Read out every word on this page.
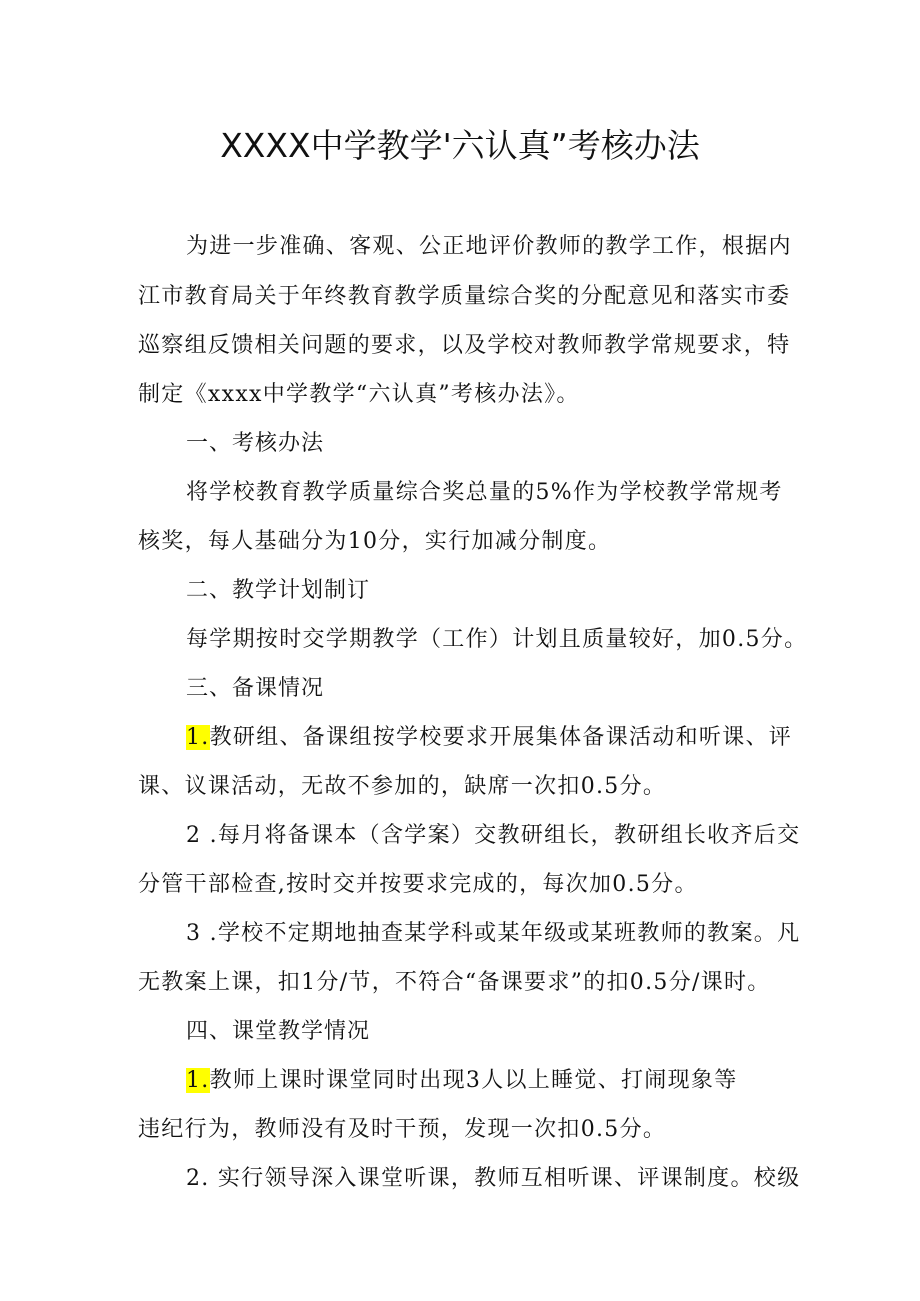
XXXX中学教学'六认真”考核办法
为进一步准确、客观、公正地评价教师的教学工作，根据内
江市教育局关于年终教育教学质量综合奖的分配意见和落实市委
巡察组反馈相关问题的要求，以及学校对教师教学常规要求，特
制定《xxxx中学教学“六认真”考核办法》。
一、考核办法
将学校教育教学质量综合奖总量的5%作为学校教学常规考
核奖，每人基础分为10分，实行加减分制度。
二、教学计划制订
每学期按时交学期教学（工作）计划且质量较好，加0.5分。
三、备课情况
1.教研组、备课组按学校要求开展集体备课活动和听课、评
课、议课活动，无故不参加的，缺席一次扣0.5分。
2 .每月将备课本（含学案）交教研组长，教研组长收齐后交
分管干部检查,按时交并按要求完成的，每次加0.5分。
3 .学校不定期地抽查某学科或某年级或某班教师的教案。凡
无教案上课，扣1分/节，不符合“备课要求”的扣0.5分/课时。
四、课堂教学情况
1.教师上课时课堂同时出现3人以上睡觉、打闹现象等
违纪行为，教师没有及时干预，发现一次扣0.5分。
2. 实行领导深入课堂听课，教师互相听课、评课制度。校级
